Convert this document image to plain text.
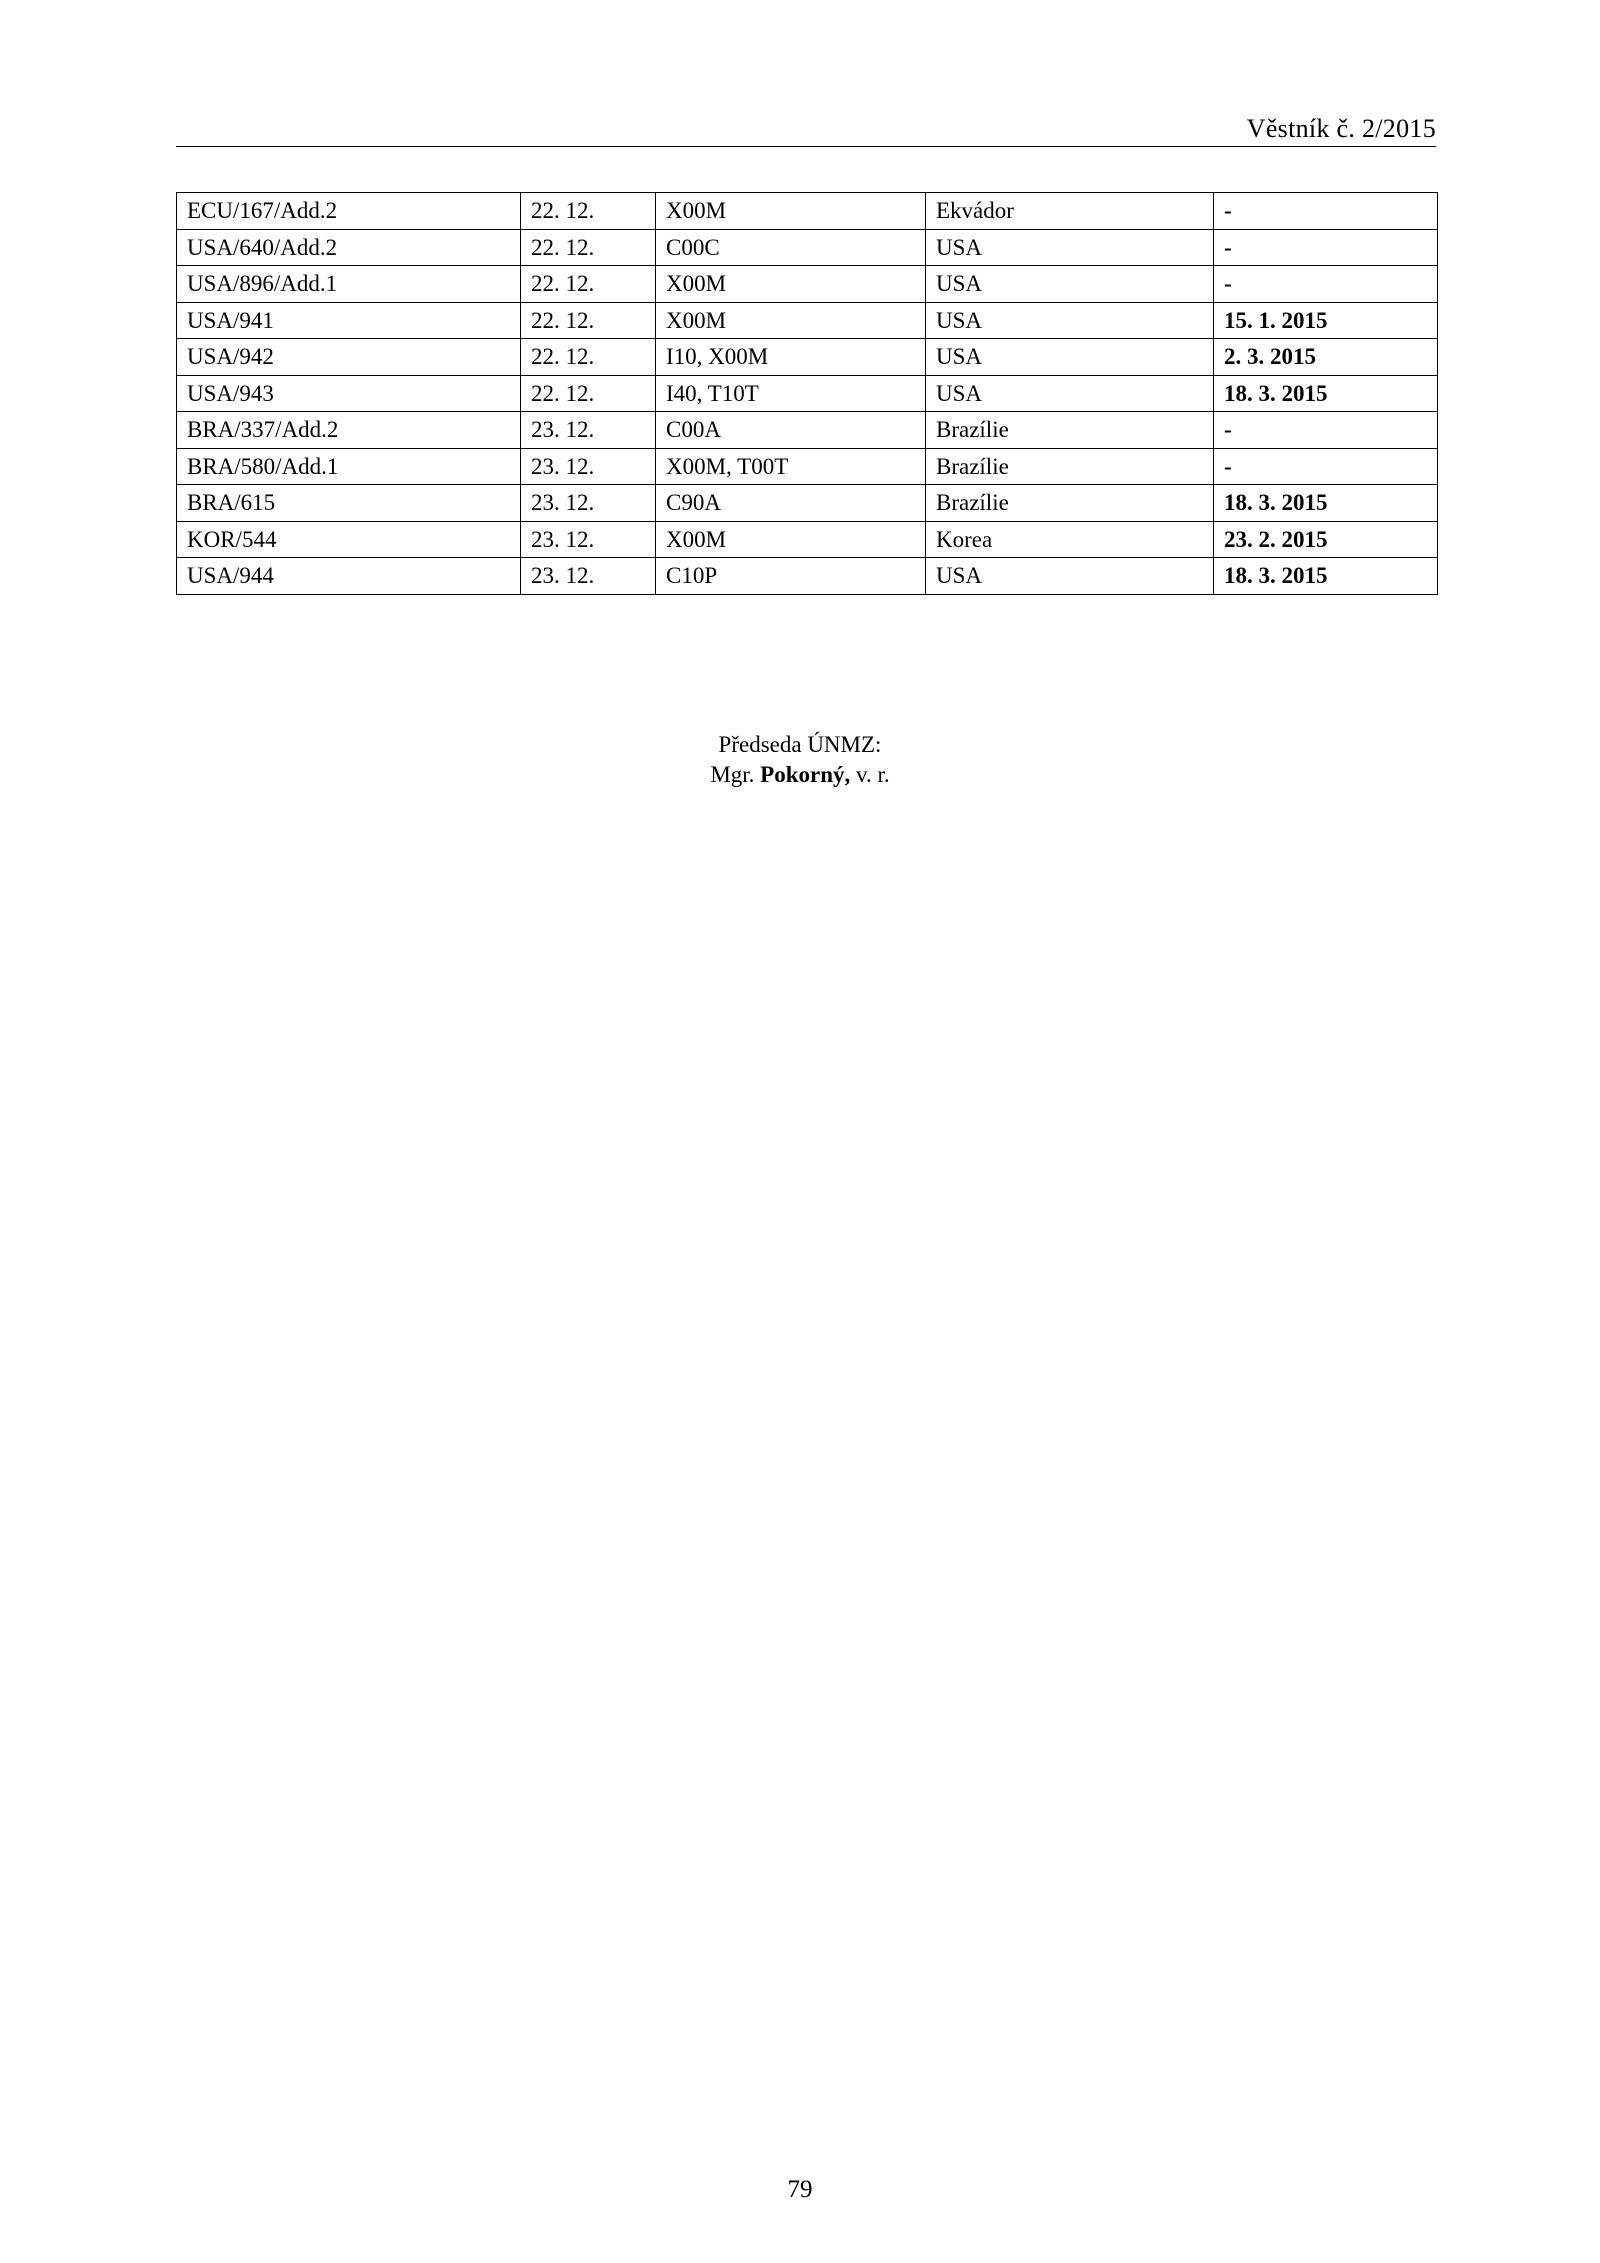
Věstník č. 2/2015
ECU/167/Add.2	22. 12.	X00M	Ekvádor	-
USA/640/Add.2	22. 12.	C00C	USA	-
USA/896/Add.1	22. 12.	X00M	USA	-
USA/941	22. 12.	X00M	USA	15. 1. 2015
USA/942	22. 12.	I10, X00M	USA	2. 3. 2015
USA/943	22. 12.	I40, T10T	USA	18. 3. 2015
BRA/337/Add.2	23. 12.	C00A	Brazílie	-
BRA/580/Add.1	23. 12.	X00M, T00T	Brazílie	-
BRA/615	23. 12.	C90A	Brazílie	18. 3. 2015
KOR/544	23. 12.	X00M	Korea	23. 2. 2015
USA/944	23. 12.	C10P	USA	18. 3. 2015
Předseda ÚNMZ:
Mgr. Pokorný, v. r.
79
